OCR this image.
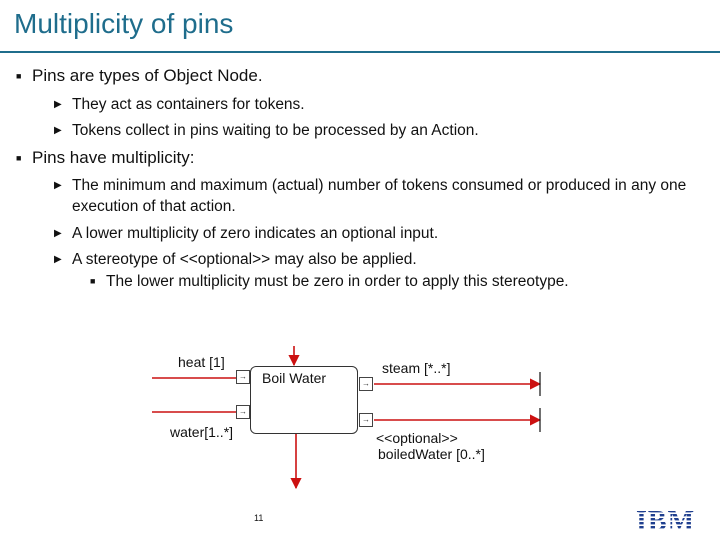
Multiplicity of pins
■ Pins are types of Object Node.
▶ They act as containers for tokens.
▶ Tokens collect in pins waiting to be processed by an Action.
■ Pins have multiplicity:
▶ The minimum and maximum (actual) number of tokens consumed or produced in any one execution of that action.
▶ A lower multiplicity of zero indicates an optional input.
▶ A stereotype of <<optional>> may also be applied.
■ The lower multiplicity must be zero in order to apply this stereotype.
heat [1]
water[1..*]
steam [*..*]
<<optional>>
boiledWater [0..*]
Boil Water
→
→
→
→
11	IBM
